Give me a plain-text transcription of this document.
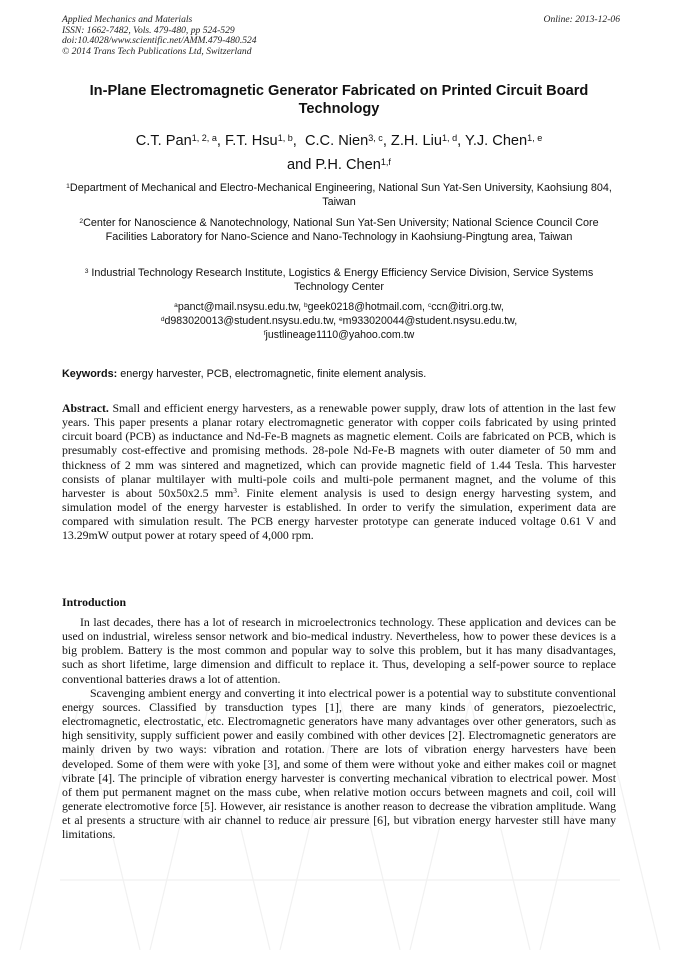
Applied Mechanics and Materials
ISSN: 1662-7482, Vols. 479-480, pp 524-529
doi:10.4028/www.scientific.net/AMM.479-480.524
© 2014 Trans Tech Publications Ltd, Switzerland
Online: 2013-12-06
In-Plane Electromagnetic Generator Fabricated on Printed Circuit Board Technology
C.T. Pan$^{1, 2, a}$, F.T. Hsu$^{1, b}$,  C.C. Nien$^{3, c}$, Z.H. Liu$^{1, d}$, Y.J. Chen$^{1, e}$
and P.H. Chen$^{1,f}$
$^1$Department of Mechanical and Electro-Mechanical Engineering, National Sun Yat-Sen University, Kaohsiung 804, Taiwan
$^2$Center for Nanoscience & Nanotechnology, National Sun Yat-Sen University; National Science Council Core Facilities Laboratory for Nano-Science and Nano-Technology in Kaohsiung-Pingtung area, Taiwan
$^3$ Industrial Technology Research Institute, Logistics & Energy Efficiency Service Division, Service Systems Technology Center
$^a$panct@mail.nsysu.edu.tw, $^b$geek0218@hotmail.com, $^c$ccn@itri.org.tw,
$^d$d983020013@student.nsysu.edu.tw, $^e$m933020044@student.nsysu.edu.tw,
$^f$justlineage1110@yahoo.com.tw
Keywords: energy harvester, PCB, electromagnetic, finite element analysis.
Abstract. Small and efficient energy harvesters, as a renewable power supply, draw lots of attention in the last few years. This paper presents a planar rotary electromagnetic generator with copper coils fabricated by using printed circuit board (PCB) as inductance and Nd-Fe-B magnets as magnetic element. Coils are fabricated on PCB, which is presumably cost-effective and promising methods. 28-pole Nd-Fe-B magnets with outer diameter of 50 mm and thickness of 2 mm was sintered and magnetized, which can provide magnetic field of 1.44 Tesla. This harvester consists of planar multilayer with multi-pole coils and multi-pole permanent magnet, and the volume of this harvester is about 50x50x2.5 $mm^3$. Finite element analysis is used to design energy harvesting system, and simulation model of the energy harvester is established. In order to verify the simulation, experiment data are compared with simulation result. The PCB energy harvester prototype can generate induced voltage 0.61 V and 13.29mW output power at rotary speed of 4,000 rpm.
Introduction

In last decades, there has a lot of research in microelectronics technology. These application and devices can be used on industrial, wireless sensor network and bio-medical industry. Nevertheless, how to power these devices is a big problem. Battery is the most common and popular way to solve this problem, but it has many disadvantages, such as short lifetime, large dimension and difficult to replace it. Thus, developing a self-power source to replace conventional batteries draws a lot of attention.

Scavenging ambient energy and converting it into electrical power is a potential way to substitute conventional energy sources. Classified by transduction types [1], there are many kinds of generators, piezoelectric, electromagnetic, electrostatic, etc. Electromagnetic generators have many advantages over other generators, such as high sensitivity, supply sufficient power and easily combined with other devices [2]. Electromagnetic generators are mainly driven by two ways: vibration and rotation. There are lots of vibration energy harvesters have been developed. Some of them were with yoke [3], and some of them were without yoke and either makes coil or magnet vibrate [4]. The principle of vibration energy harvester is converting mechanical vibration to electrical power. Most of them put permanent magnet on the mass cube, when relative motion occurs between magnets and coil, coil will generate electromotive force [5]. However, air resistance is another reason to decrease the vibration amplitude. Wang et al presents a structure with air channel to reduce air pressure [6], but vibration energy harvester still have many limitations.
